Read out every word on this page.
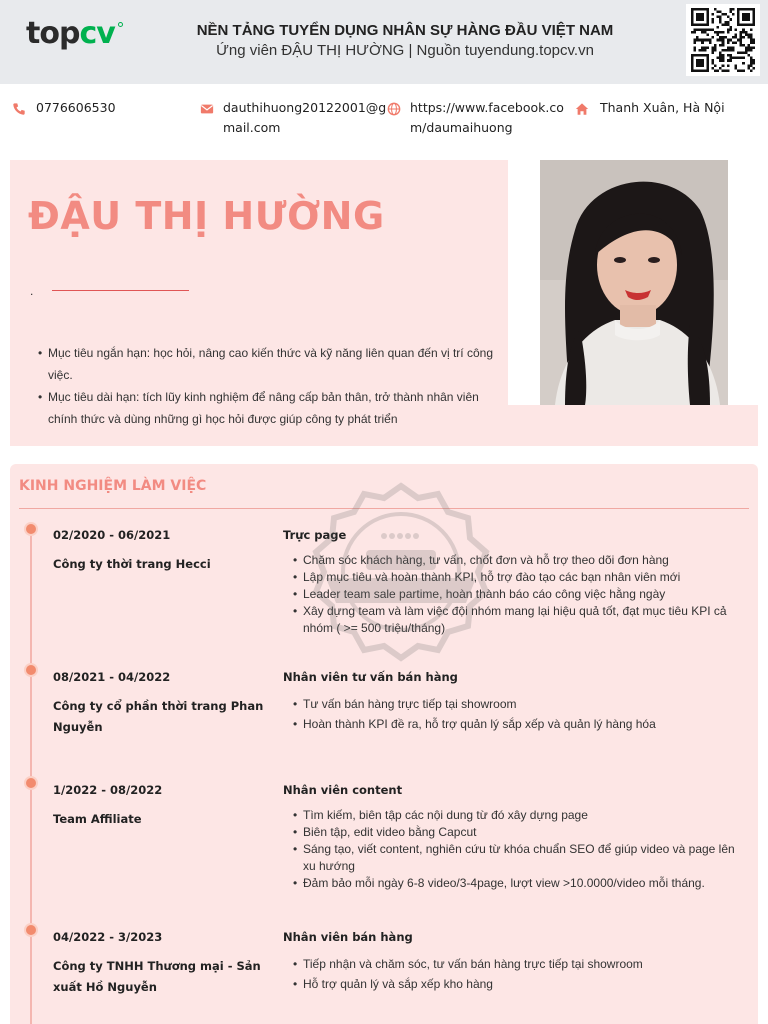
topcv	NỀN TẢNG TUYỂN DỤNG NHÂN SỰ HÀNG ĐẦU VIỆT NAM
Ứng viên ĐẬU THỊ HƯỜNG | Nguồn tuyendung.topcv.vn
0776606530	dauthihuong20122001@g
mail.com
https://www.facebook.co
m/daumaihuong
Thanh Xuân, Hà Nội
ĐẬU THỊ HƯỜNG
.
• Mục tiêu ngắn hạn: học hỏi, nâng cao kiến thức và kỹ năng liên quan đến vị trí công việc.
• Mục tiêu dài hạn: tích lũy kinh nghiệm để nâng cấp bản thân, trở thành nhân viên chính thức và dùng những gì học hỏi được giúp công ty phát triển
KINH NGHIỆM LÀM VIỆC
02/2020 - 06/2021
Công ty thời trang Hecci
Trực page
• Chăm sóc khách hàng, tư vấn, chốt đơn và hỗ trợ theo dõi đơn hàng
• Lập mục tiêu và hoàn thành KPI, hỗ trợ đào tạo các bạn nhân viên mới
• Leader team sale partime, hoàn thành báo cáo công việc hằng ngày
• Xây dựng team và làm việc đội nhóm mang lại hiệu quả tốt, đạt mục tiêu KPI cả nhóm ( >= 500 triệu/tháng)
08/2021 - 04/2022
Công ty cổ phần thời trang Phan Nguyễn
Nhân viên tư vấn bán hàng
• Tư vấn bán hàng trực tiếp tại showroom
• Hoàn thành KPI đề ra, hỗ trợ quản lý sắp xếp và quản lý hàng hóa
1/2022 - 08/2022
Team Affiliate
Nhân viên content
• Tìm kiếm, biên tập các nội dung từ đó xây dựng page
• Biên tập, edit video bằng Capcut
• Sáng tạo, viết content, nghiên cứu từ khóa chuẩn SEO để giúp video và page lên xu hướng
• Đảm bảo mỗi ngày 6-8 video/3-4page, lượt view >10.0000/video mỗi tháng.
04/2022 - 3/2023
Công ty TNHH Thương mại - Sản xuất Hồ Nguyễn
Nhân viên bán hàng
• Tiếp nhận và chăm sóc, tư vấn bán hàng trực tiếp tại showroom
• Hỗ trợ quản lý và sắp xếp kho hàng
